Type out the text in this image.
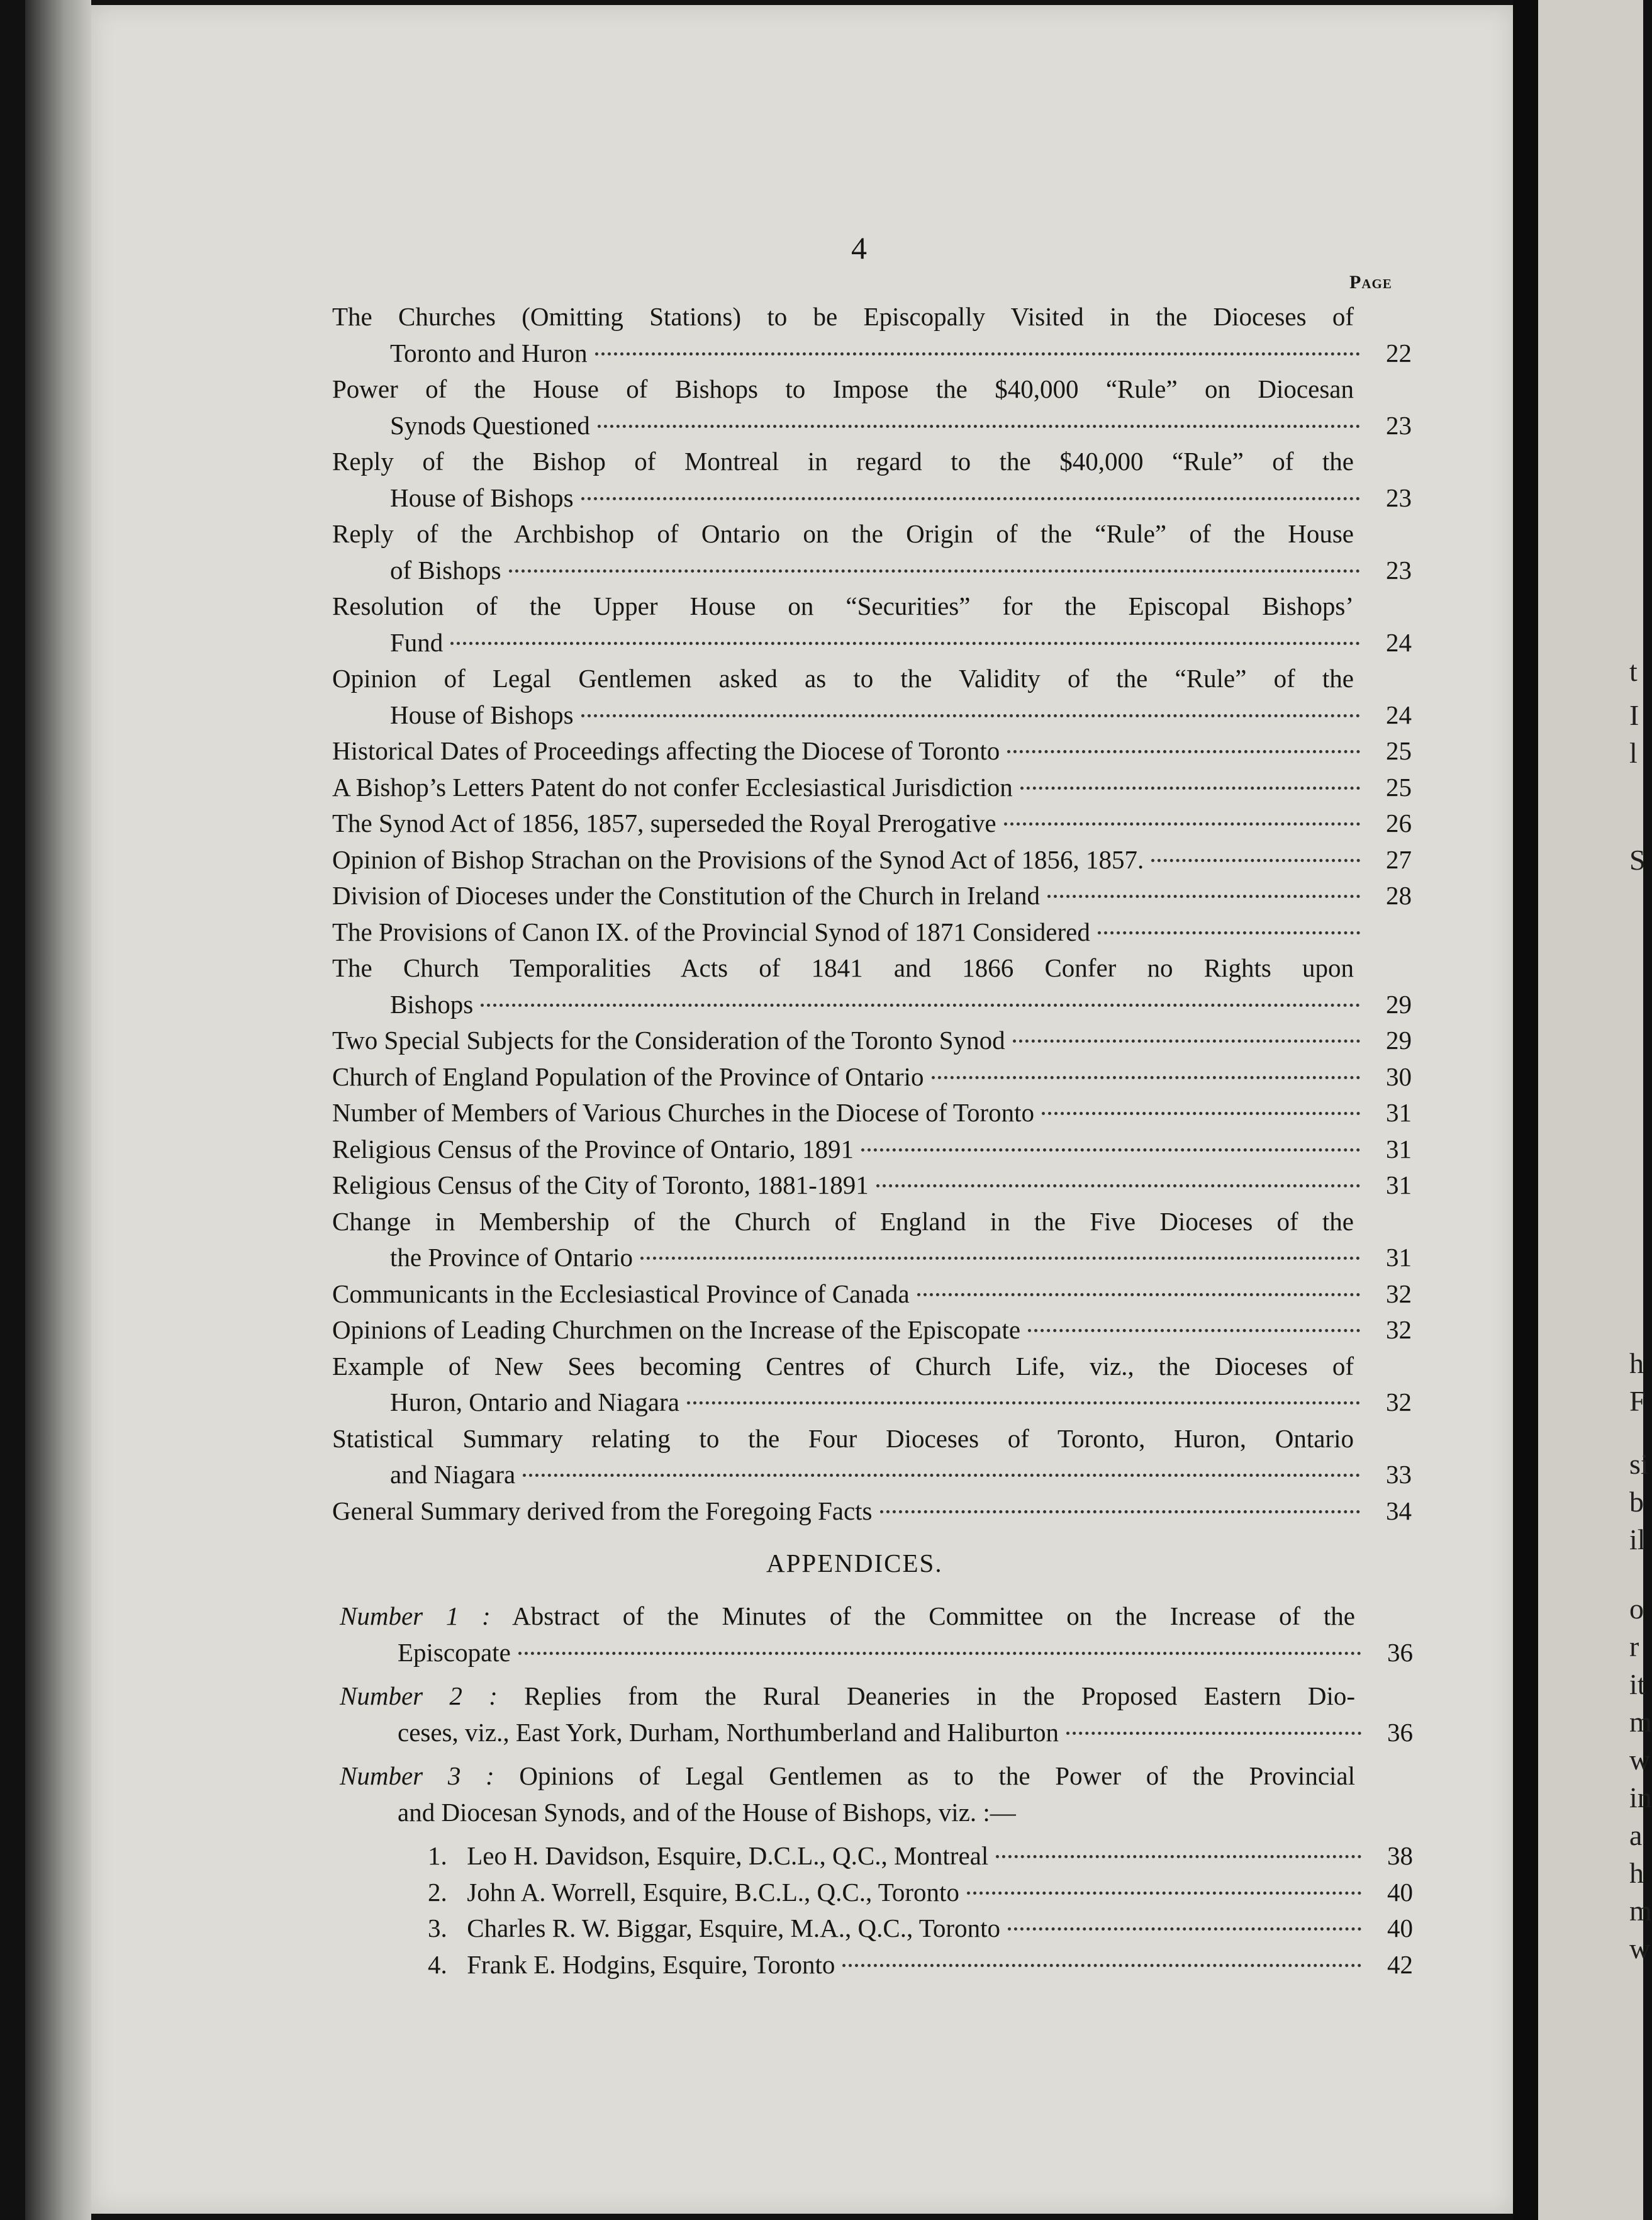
t
I
l
S
h
F
si
b
il
o
r
it
m
w
in
a
h
m
w
4
Page
The Churches (Omitting Stations) to be Episcopally Visited in the Dioceses of
Toronto and Huron	22
Power of the House of Bishops to Impose the $40,000 “Rule” on Diocesan
Synods Questioned	23
Reply of the Bishop of Montreal in regard to the $40,000 “Rule” of the
House of Bishops	23
Reply of the Archbishop of Ontario on the Origin of the “Rule” of the House
of Bishops	23
Resolution of the Upper House on “Securities” for the Episcopal Bishops’
Fund	24
Opinion of Legal Gentlemen asked as to the Validity of the “Rule” of the
House of Bishops	24
Historical Dates of Proceedings affecting the Diocese of Toronto	25
A Bishop’s Letters Patent do not confer Ecclesiastical Jurisdiction	25
The Synod Act of 1856, 1857, superseded the Royal Prerogative	26
Opinion of Bishop Strachan on the Provisions of the Synod Act of 1856, 1857.	27
Division of Dioceses under the Constitution of the Church in Ireland	28
The Provisions of Canon IX. of the Provincial Synod of 1871 Considered
The Church Temporalities Acts of 1841 and 1866 Confer no Rights upon
Bishops	29
Two Special Subjects for the Consideration of the Toronto Synod	29
Church of England Population of the Province of Ontario	30
Number of Members of Various Churches in the Diocese of Toronto	31
Religious Census of the Province of Ontario, 1891	31
Religious Census of the City of Toronto, 1881-1891	31
Change in Membership of the Church of England in the Five Dioceses of the
the Province of Ontario	31
Communicants in the Ecclesiastical Province of Canada	32
Opinions of Leading Churchmen on the Increase of the Episcopate	32
Example of New Sees becoming Centres of Church Life, viz., the Dioceses of
Huron, Ontario and Niagara	32
Statistical Summary relating to the Four Dioceses of Toronto, Huron, Ontario
and Niagara	33
General Summary derived from the Foregoing Facts	34
APPENDICES.
Number 1 : Abstract of the Minutes of the Committee on the Increase of the
Episcopate	36
Number 2 : Replies from the Rural Deaneries in the Proposed Eastern Dio-
ceses, viz., East York, Durham, Northumberland and Haliburton	36
Number 3 : Opinions of Legal Gentlemen as to the Power of the Provincial
and Diocesan Synods, and of the House of Bishops, viz. :—
1. Leo H. Davidson, Esquire, D.C.L., Q.C., Montreal	38
2. John A. Worrell, Esquire, B.C.L., Q.C., Toronto	40
3. Charles R. W. Biggar, Esquire, M.A., Q.C., Toronto	40
4. Frank E. Hodgins, Esquire, Toronto	42
